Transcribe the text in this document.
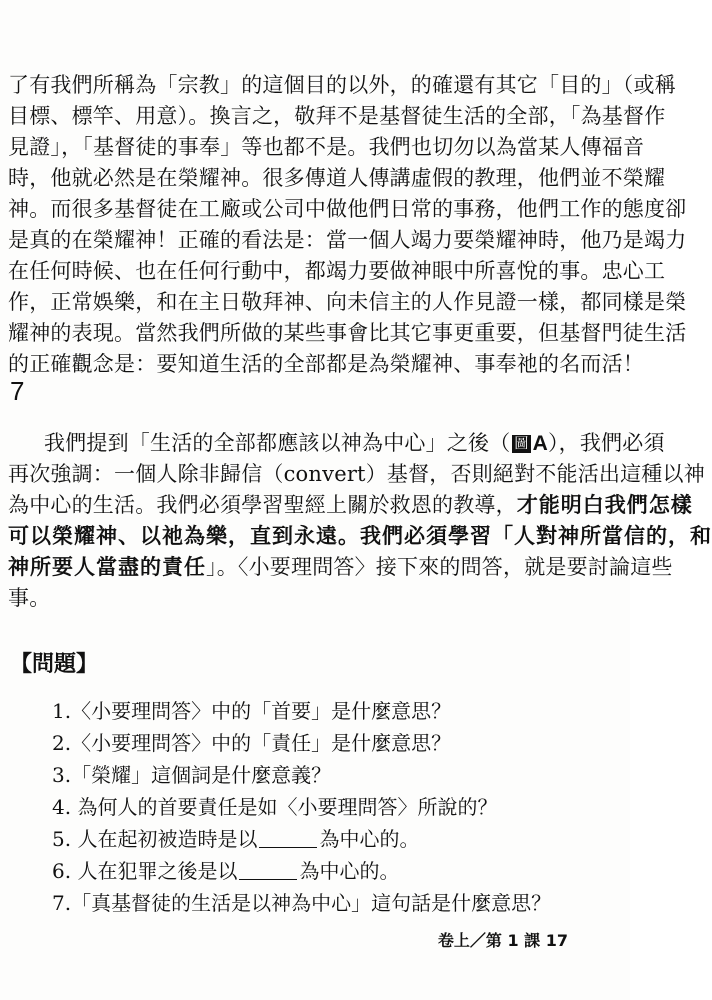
了有我們所稱為「宗教」的這個目的以外，的確還有其它「目的」（或稱
目標、標竿、用意）。換言之，敬拜不是基督徒生活的全部，「為基督作
見證」，「基督徒的事奉」等也都不是。我們也切勿以為當某人傳福音
時，他就必然是在榮耀神。很多傳道人傳講虛假的教理，他們並不榮耀
神。而很多基督徒在工廠或公司中做他們日常的事務，他們工作的態度卻
是真的在榮耀神！正確的看法是：當一個人竭力要榮耀神時，他乃是竭力
在任何時候、也在任何行動中，都竭力要做神眼中所喜悅的事。忠心工
作，正常娛樂，和在主日敬拜神、向未信主的人作見證一樣，都同樣是榮
耀神的表現。當然我們所做的某些事會比其它事更重要，但基督門徒生活
的正確觀念是：要知道生活的全部都是為榮耀神、事奉祂的名而活！
7
我們提到「生活的全部都應該以神為中心」之後（ 圖 A），我們必須
再次強調：一個人除非歸信（convert）基督，否則絕對不能活出這種以神
為中心的生活。我們必須學習聖經上關於救恩的教導，才能明白我們怎樣
可以榮耀神、以祂為樂，直到永遠。我們必須學習「人對神所當信的，和
神所要人當盡的責任」。〈小要理問答〉接下來的問答，就是要討論這些
事。
【問題】
1.〈小要理問答〉中的「首要」是什麼意思？
2.〈小要理問答〉中的「責任」是什麼意思？
3.「榮耀」這個詞是什麼意義？
4. 為何人的首要責任是如〈小要理問答〉所說的？
5. 人在起初被造時是以	為中心的。
6. 人在犯罪之後是以	為中心的。
7.「真基督徒的生活是以神為中心」這句話是什麼意思？
卷上／第 1 課 17
